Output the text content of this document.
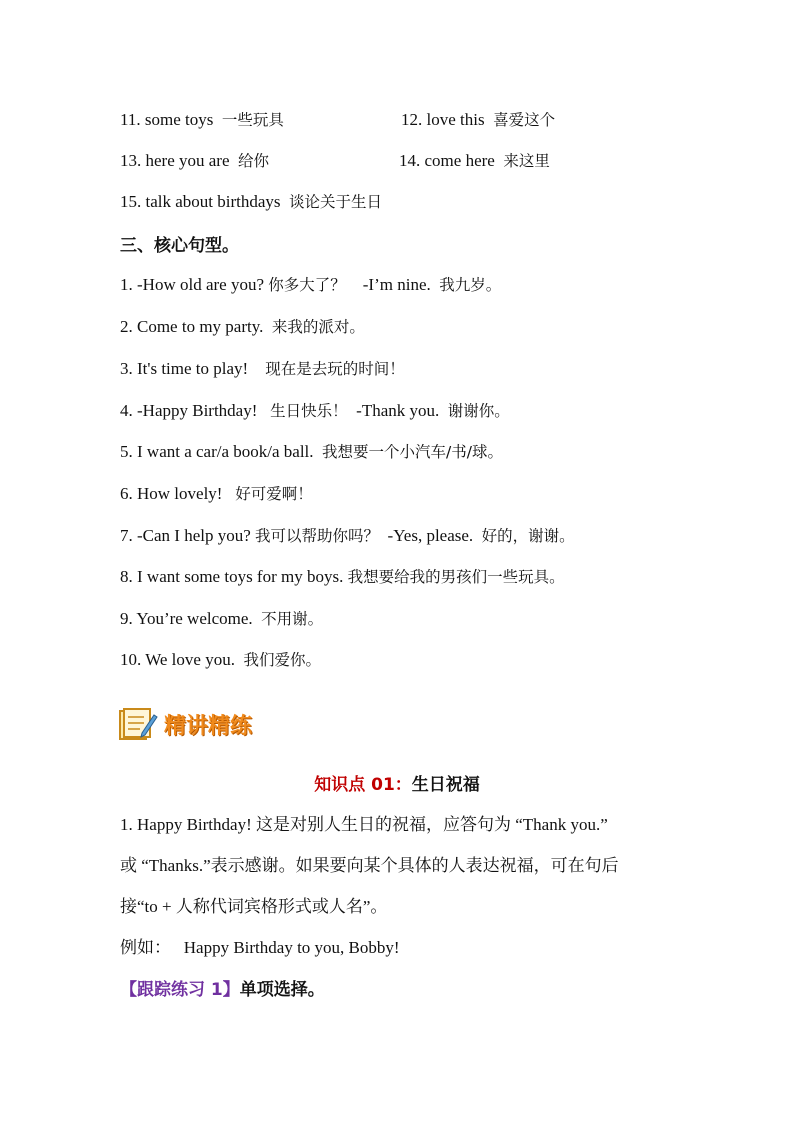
11. some toys 一些玩具	12. love this 喜爱这个
13. here you are 给你	14. come here 来这里
15. talk about birthdays 谈论关于生日
三、核心句型。
1. -How old are you? 你多大了？ -I’m nine. 我九岁。
2. Come to my party. 来我的派对。
3. It's time to play! 现在是去玩的时间！
4. -Happy Birthday! 生日快乐！ -Thank you. 谢谢你。
5. I want a car/a book/a ball. 我想要一个小汽车/书/球。
6. How lovely! 好可爱啊！
7. -Can I help you? 我可以帮助你吗？ -Yes, please. 好的，谢谢。
8. I want some toys for my boys. 我想要给我的男孩们一些玩具。
9. You’re welcome. 不用谢。
10. We love you. 我们爱你。
精讲精练
知识点 01：生日祝福
1. Happy Birthday! 这是对别人生日的祝福，应答句为 “Thank you.”
或 “Thanks.”表示感谢。如果要向某个具体的人表达祝福，可在句后
接“to + 人称代词宾格形式或人名”。
例如： Happy Birthday to you, Bobby!
【跟踪练习 1】单项选择。
